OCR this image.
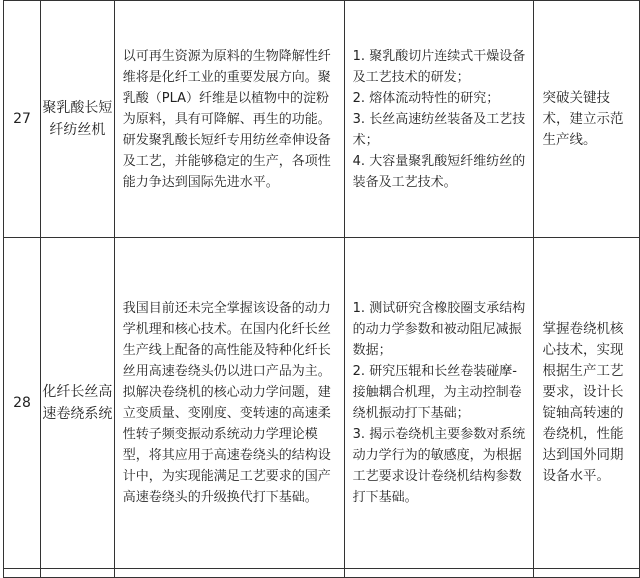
27	聚乳酸长短纤纺丝机	以可再生资源为原料的生物降解性纤维将是化纤工业的重要发展方向。聚乳酸（PLA）纤维是以植物中的淀粉为原料，具有可降解、再生的功能。研发聚乳酸长短纤专用纺丝牵伸设备及工艺，并能够稳定的生产，各项性能力争达到国际先进水平。	1. 聚乳酸切片连续式干燥设备及工艺技术的研发；
2. 熔体流动特性的研究；
3. 长丝高速纺丝装备及工艺技术；
4. 大容量聚乳酸短纤维纺丝的装备及工艺技术。	突破关键技术，建立示范生产线。

28	化纤长丝高速卷绕系统	我国目前还未完全掌握该设备的动力学机理和核心技术。在国内化纤长丝生产线上配备的高性能及特种化纤长丝用高速卷绕头仍以进口产品为主。拟解决卷绕机的核心动力学问题，建立变质量、变刚度、变转速的高速柔性转子频变振动系统动力学理论模型，将其应用于高速卷绕头的结构设计中，为实现能满足工艺要求的国产高速卷绕头的升级换代打下基础。	1. 测试研究含橡胶圈支承结构的动力学参数和被动阻尼减振数据；
2. 研究压辊和长丝卷装碰摩-接触耦合机理，为主动控制卷绕机振动打下基础；
3. 揭示卷绕机主要参数对系统动力学行为的敏感度，为根据工艺要求设计卷绕机结构参数打下基础。	掌握卷绕机核心技术，实现根据生产工艺要求，设计长锭轴高转速的卷绕机，性能达到国外同期设备水平。
